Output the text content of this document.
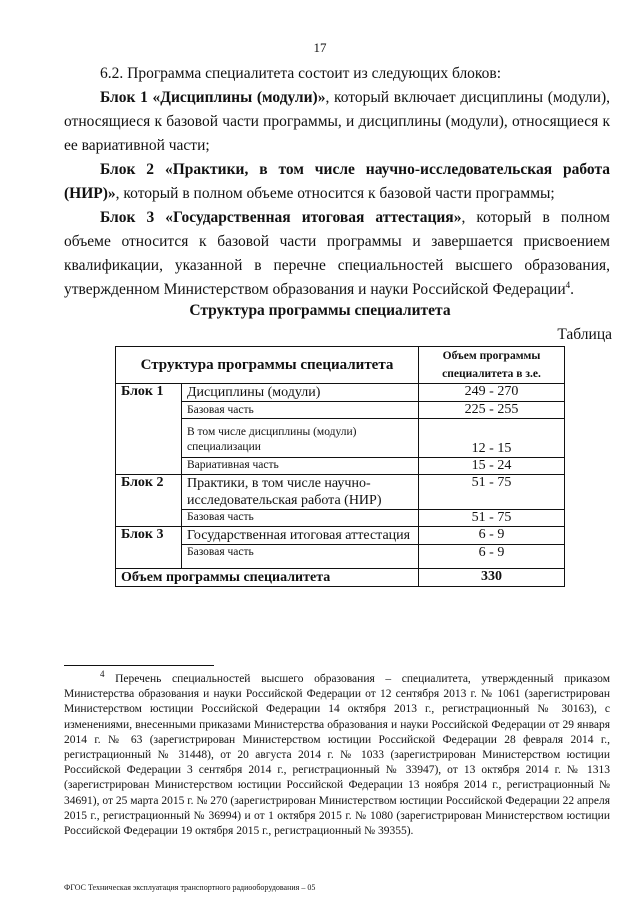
17
6.2. Программа специалитета состоит из следующих блоков:
Блок 1 «Дисциплины (модули)», который включает дисциплины (модули), относящиеся к базовой части программы, и дисциплины (модули), относящиеся к ее вариативной части;
Блок 2 «Практики, в том числе научно-исследовательская работа (НИР)», который в полном объеме относится к базовой части программы;
Блок 3 «Государственная итоговая аттестация», который в полном объеме относится к базовой части программы и завершается присвоением квалификации, указанной в перечне специальностей высшего образования, утвержденном Министерством образования и науки Российской Федерации$^4$.
Структура программы специалитета
Таблица
Структура программы специалитета		Объем программы специалитета в з.е.
Блок 1	Дисциплины (модули)	249 - 270
	Базовая часть	225 - 255
	В том числе дисциплины (модули) специализации	12 - 15
	Вариативная часть	15 - 24
Блок 2	Практики, в том числе научно-исследовательская работа (НИР)	51 - 75
	Базовая часть	51 - 75
Блок 3	Государственная итоговая аттестация	6 - 9
	Базовая часть	6 - 9
Объем программы специалитета		330
$^4$ Перечень специальностей высшего образования – специалитета, утвержденный приказом Министерства образования и науки Российской Федерации от 12 сентября 2013 г. № 1061 (зарегистрирован Министерством юстиции Российской Федерации 14 октября 2013 г., регистрационный № 30163), с изменениями, внесенными приказами Министерства образования и науки Российской Федерации от 29 января 2014 г. № 63 (зарегистрирован Министерством юстиции Российской Федерации 28 февраля 2014 г., регистрационный № 31448), от 20 августа 2014 г. № 1033 (зарегистрирован Министерством юстиции Российской Федерации 3 сентября 2014 г., регистрационный № 33947), от 13 октября 2014 г. № 1313 (зарегистрирован Министерством юстиции Российской Федерации 13 ноября 2014 г., регистрационный № 34691), от 25 марта 2015 г. № 270 (зарегистрирован Министерством юстиции Российской Федерации 22 апреля 2015 г., регистрационный № 36994) и от 1 октября 2015 г. № 1080 (зарегистрирован Министерством юстиции Российской Федерации 19 октября 2015 г., регистрационный № 39355).
ФГОС Техническая эксплуатация транспортного радиооборудования – 05
